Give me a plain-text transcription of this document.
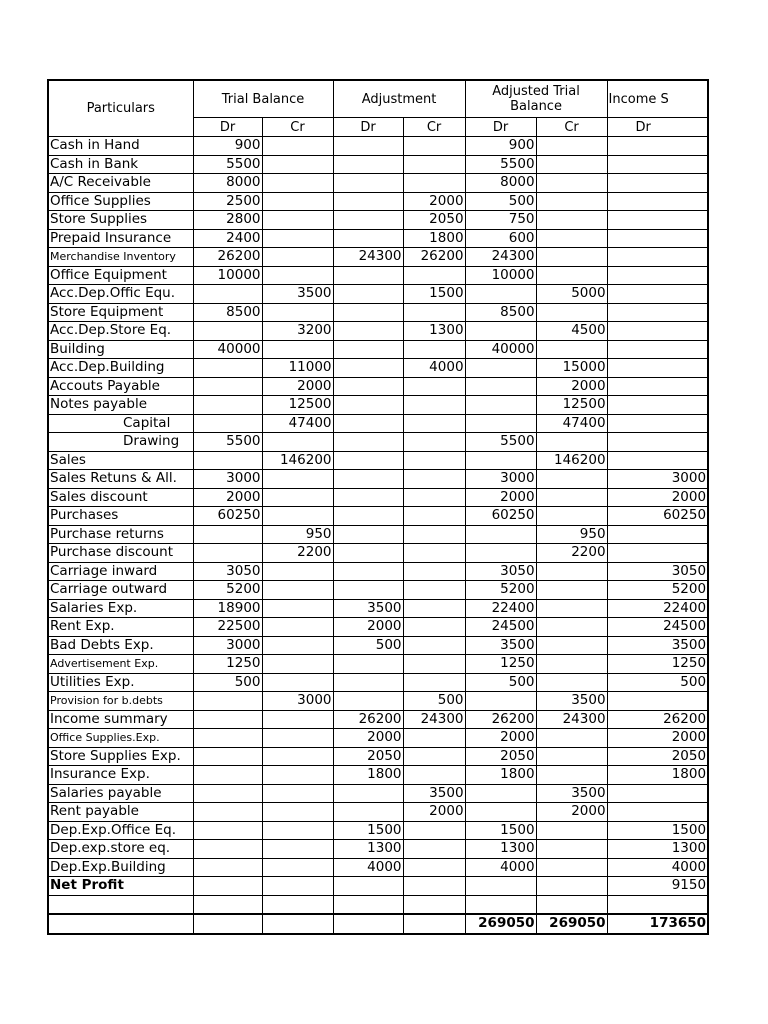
Particulars	Trial Balance		Adjustment		Adjusted Trial Balance		Income S
	Dr	Cr	Dr	Cr	Dr	Cr	Dr
Cash in Hand	900				900		
Cash in Bank	5500				5500		
A/C Receivable	8000				8000		
Office Supplies	2500			2000	500		
Store Supplies	2800			2050	750		
Prepaid Insurance	2400			1800	600		
Merchandise Inventory	26200		24300	26200	24300		
Office Equipment	10000				10000		
Acc.Dep.Offic Equ.		3500		1500		5000	
Store Equipment	8500				8500		
Acc.Dep.Store Eq.		3200		1300		4500	
Building	40000				40000		
Acc.Dep.Building		11000		4000		15000	
Accouts Payable		2000				2000	
Notes payable		12500				12500	
Capital		47400				47400	
Drawing	5500				5500		
Sales		146200				146200	
Sales Retuns & All.	3000				3000		3000
Sales discount	2000				2000		2000
Purchases	60250				60250		60250
Purchase returns		950				950	
Purchase discount		2200				2200	
Carriage inward	3050				3050		3050
Carriage outward	5200				5200		5200
Salaries Exp.	18900		3500		22400		22400
Rent Exp.	22500		2000		24500		24500
Bad Debts Exp.	3000		500		3500		3500
Advertisement Exp.	1250				1250		1250
Utilities Exp.	500				500		500
Provision for b.debts		3000		500		3500	
Income summary			26200	24300	26200	24300	26200
Office Supplies.Exp.			2000		2000		2000
Store Supplies Exp.			2050		2050		2050
Insurance Exp.			1800		1800		1800
Salaries payable				3500		3500	
Rent payable				2000		2000	
Dep.Exp.Office Eq.			1500		1500		1500
Dep.exp.store eq.			1300		1300		1300
Dep.Exp.Building			4000		4000		4000
Net Profit							9150

					269050	269050	173650
